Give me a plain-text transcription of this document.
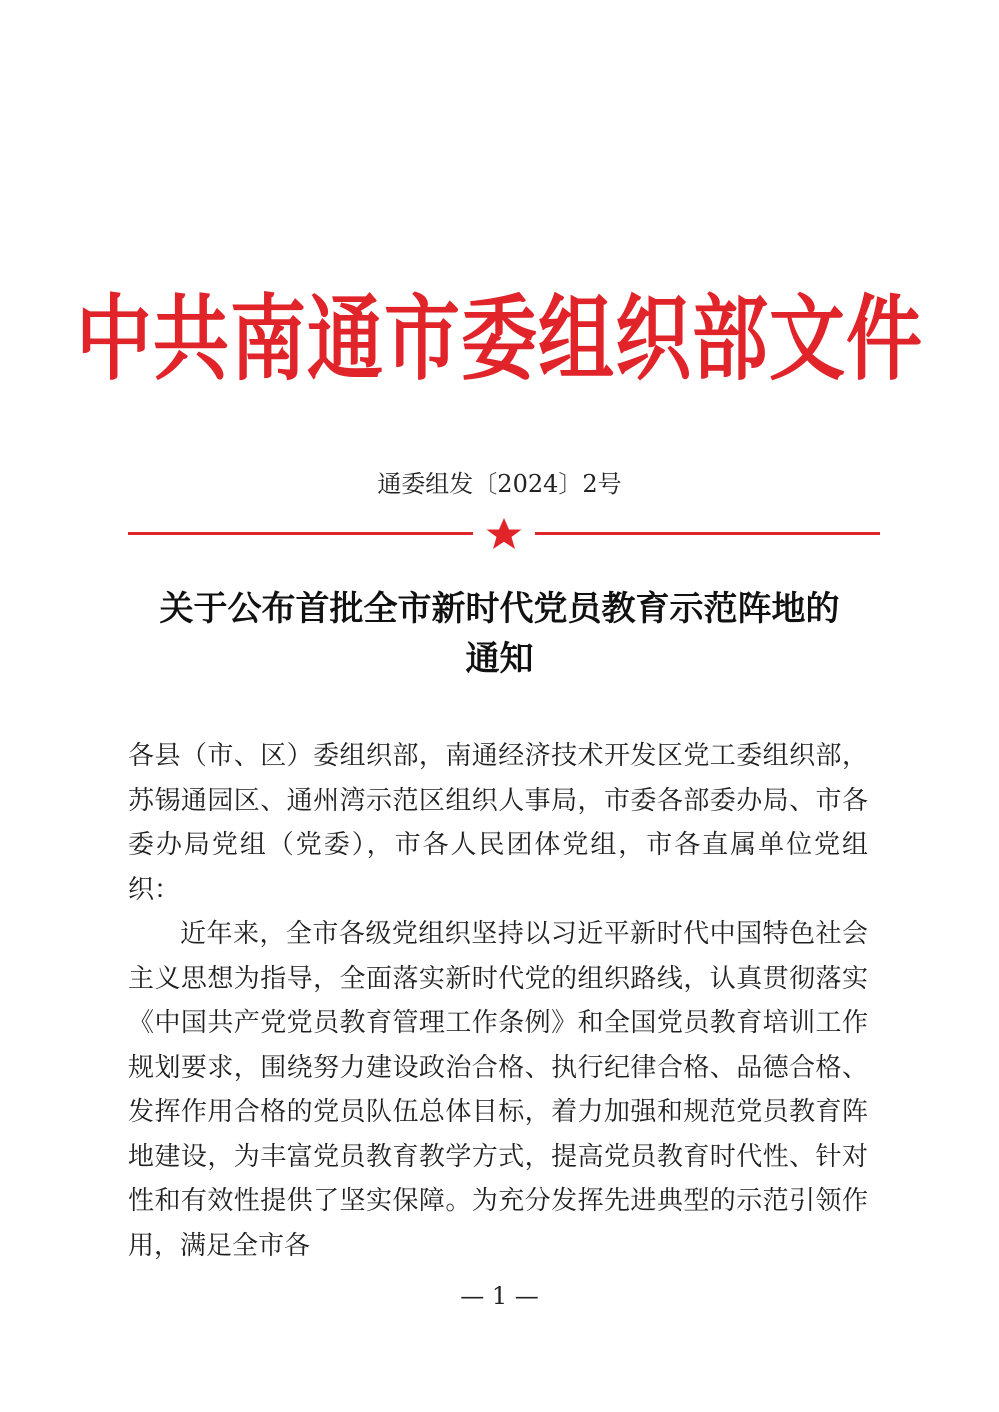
中共南通市委组织部文件
通委组发〔2024〕2号
关于公布首批全市新时代党员教育示范阵地的
通知

各县（市、区）委组织部，南通经济技术开发区党工委组织部，苏锡通园区、通州湾示范区组织人事局，市委各部委办局、市各委办局党组（党委），市各人民团体党组，市各直属单位党组织：

近年来，全市各级党组织坚持以习近平新时代中国特色社会主义思想为指导，全面落实新时代党的组织路线，认真贯彻落实《中国共产党党员教育管理工作条例》和全国党员教育培训工作规划要求，围绕努力建设政治合格、执行纪律合格、品德合格、发挥作用合格的党员队伍总体目标，着力加强和规范党员教育阵地建设，为丰富党员教育教学方式，提高党员教育时代性、针对性和有效性提供了坚实保障。为充分发挥先进典型的示范引领作用，满足全市各

— 1 —
